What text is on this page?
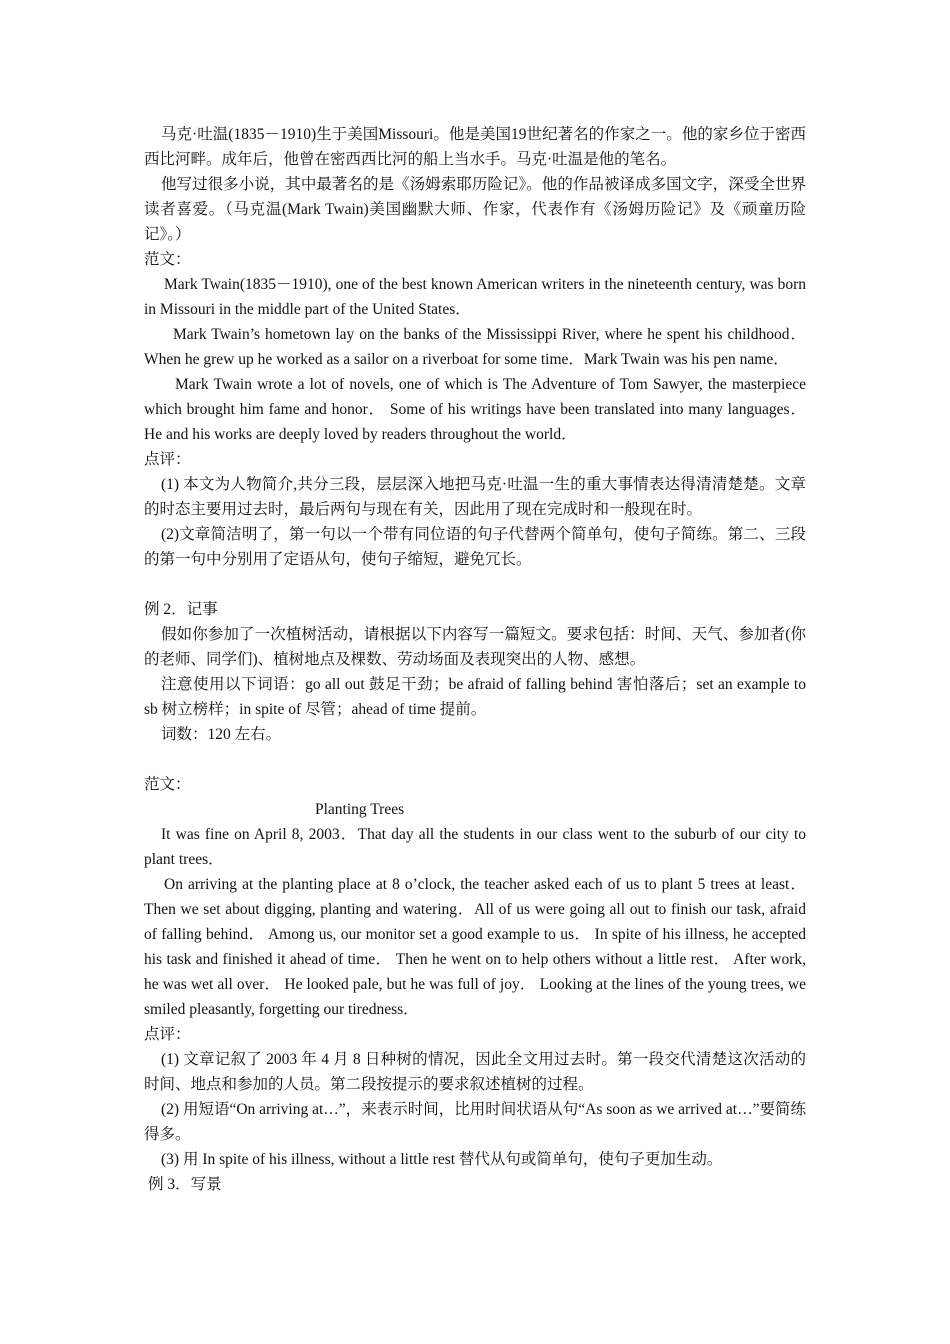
马克·吐温(1835－1910)生于美国Missouri。他是美国19世纪著名的作家之一。他的家乡位于密西西比河畔。成年后，他曾在密西西比河的船上当水手。马克·吐温是他的笔名。

他写过很多小说，其中最著名的是《汤姆索耶历险记》。他的作品被译成多国文字，深受全世界读者喜爱。（马克温(Mark Twain)美国幽默大师、作家，代表作有《汤姆历险记》及《顽童历险记》。）

范文：

Mark Twain(1835－1910), one of the best known American writers in the nineteenth century, was born in Missouri in the middle part of the United States．

Mark Twain’s hometown lay on the banks of the Mississippi River, where he spent his childhood．When he grew up he worked as a sailor on a riverboat for some time．Mark Twain was his pen name．

Mark Twain wrote a lot of novels, one of which is The Adventure of Tom Sawyer, the masterpiece which brought him fame and honor． Some of his writings have been translated into many languages． He and his works are deeply loved by readers throughout the world．

点评：

(1) 本文为人物简介,共分三段，层层深入地把马克·吐温一生的重大事情表达得清清楚楚。文章的时态主要用过去时，最后两句与现在有关，因此用了现在完成时和一般现在时。

(2)文章简洁明了，第一句以一个带有同位语的句子代替两个简单句，使句子简练。第二、三段的第一句中分别用了定语从句，使句子缩短，避免冗长。

例 2．记事

假如你参加了一次植树活动，请根据以下内容写一篇短文。要求包括：时间、天气、参加者(你的老师、同学们)、植树地点及棵数、劳动场面及表现突出的人物、感想。

注意使用以下词语：go all out 鼓足干劲；be afraid of falling behind 害怕落后；set an example to sb 树立榜样；in spite of 尽管；ahead of time 提前。

词数：120 左右。

范文：

Planting Trees

It was fine on April 8, 2003．That day all the students in our class went to the suburb of our city to plant trees．

On arriving at the planting place at 8 o’clock, the teacher asked each of us to plant 5 trees at least．Then we set about digging, planting and watering．All of us were going all out to finish our task, afraid of falling behind． Among us, our monitor set a good example to us． In spite of his illness, he accepted his task and finished it ahead of time． Then he went on to help others without a little rest． After work, he was wet all over． He looked pale, but he was full of joy． Looking at the lines of the young trees, we smiled pleasantly, forgetting our tiredness．

点评：

(1) 文章记叙了 2003 年 4 月 8 日种树的情况，因此全文用过去时。第一段交代清楚这次活动的时间、地点和参加的人员。第二段按提示的要求叙述植树的过程。

(2) 用短语“On arriving at…”，来表示时间，比用时间状语从句“As soon as we arrived at…”要简练得多。

(3) 用 In spite of his illness, without a little rest 替代从句或简单句，使句子更加生动。

例 3．写景
